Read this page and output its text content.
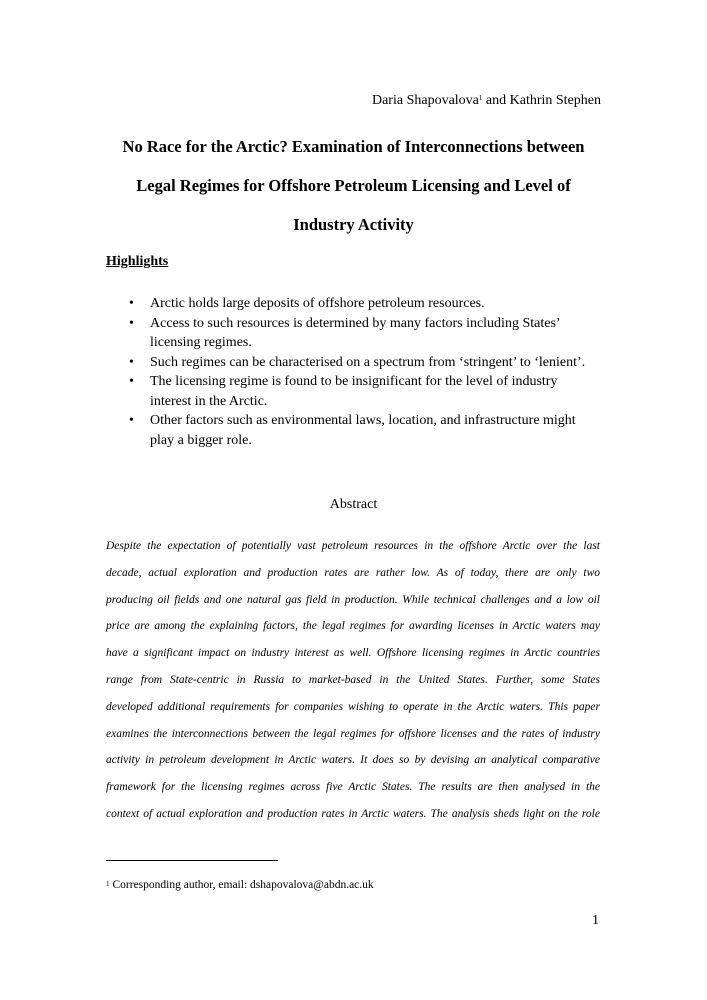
Daria Shapovalova$^1$ and Kathrin Stephen
No Race for the Arctic? Examination of Interconnections between
Legal Regimes for Offshore Petroleum Licensing and Level of
Industry Activity
Highlights
• Arctic holds large deposits of offshore petroleum resources.
• Access to such resources is determined by many factors including States’
licensing regimes.
• Such regimes can be characterised on a spectrum from ‘stringent’ to ‘lenient’.
• The licensing regime is found to be insignificant for the level of industry
interest in the Arctic.
• Other factors such as environmental laws, location, and infrastructure might
play a bigger role.
Abstract
Despite the expectation of potentially vast petroleum resources in the offshore Arctic over the last
decade, actual exploration and production rates are rather low. As of today, there are only two
producing oil fields and one natural gas field in production. While technical challenges and a low oil
price are among the explaining factors, the legal regimes for awarding licenses in Arctic waters may
have a significant impact on industry interest as well. Offshore licensing regimes in Arctic countries
range from State-centric in Russia to market-based in the United States. Further, some States
developed additional requirements for companies wishing to operate in the Arctic waters. This paper
examines the interconnections between the legal regimes for offshore licenses and the rates of industry
activity in petroleum development in Arctic waters. It does so by devising an analytical comparative
framework for the licensing regimes across five Arctic States. The results are then analysed in the
context of actual exploration and production rates in Arctic waters. The analysis sheds light on the role
$^1$ Corresponding author, email: dshapovalova@abdn.ac.uk
1
